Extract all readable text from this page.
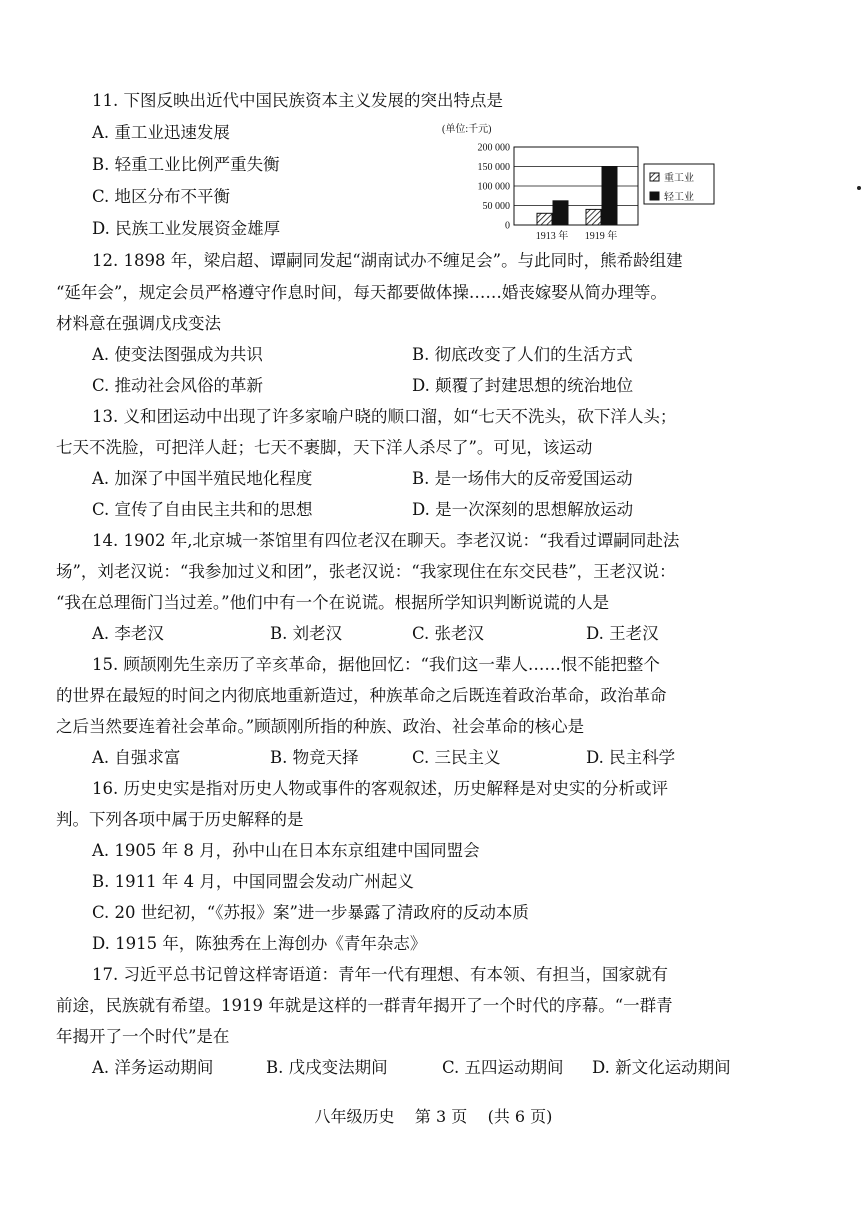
11. 下图反映出近代中国民族资本主义发展的突出特点是
A. 重工业迅速发展
B. 轻重工业比例严重失衡
C. 地区分布不平衡
D. 民族工业发展资金雄厚
(单位:千元)
0
50 000
100 000
150 000
200 000
1913 年 1919 年
重工业
轻工业
12. 1898 年，梁启超、谭嗣同发起“湖南试办不缠足会”。与此同时，熊希龄组建
“延年会”，规定会员严格遵守作息时间，每天都要做体操……婚丧嫁娶从简办理等。
材料意在强调戊戌变法
A. 使变法图强成为共识	B. 彻底改变了人们的生活方式
C. 推动社会风俗的革新	D. 颠覆了封建思想的统治地位
13. 义和团运动中出现了许多家喻户晓的顺口溜，如“七天不洗头，砍下洋人头；
七天不洗脸，可把洋人赶；七天不裹脚，天下洋人杀尽了”。可见，该运动
A. 加深了中国半殖民地化程度	B. 是一场伟大的反帝爱国运动
C. 宣传了自由民主共和的思想	D. 是一次深刻的思想解放运动
14. 1902 年,北京城一茶馆里有四位老汉在聊天。李老汉说：“我看过谭嗣同赴法
场”，刘老汉说：“我参加过义和团”，张老汉说：“我家现住在东交民巷”，王老汉说：
“我在总理衙门当过差。”他们中有一个在说谎。根据所学知识判断说谎的人是
A. 李老汉	B. 刘老汉	C. 张老汉	D. 王老汉
15. 顾颉刚先生亲历了辛亥革命，据他回忆：“我们这一辈人……恨不能把整个
的世界在最短的时间之内彻底地重新造过，种族革命之后既连着政治革命，政治革命
之后当然要连着社会革命。”顾颉刚所指的种族、政治、社会革命的核心是
A. 自强求富	B. 物竞天择	C. 三民主义	D. 民主科学
16. 历史史实是指对历史人物或事件的客观叙述，历史解释是对史实的分析或评
判。下列各项中属于历史解释的是
A. 1905 年 8 月，孙中山在日本东京组建中国同盟会
B. 1911 年 4 月，中国同盟会发动广州起义
C. 20 世纪初，“《苏报》案”进一步暴露了清政府的反动本质
D. 1915 年，陈独秀在上海创办《青年杂志》
17. 习近平总书记曾这样寄语道：青年一代有理想、有本领、有担当，国家就有
前途，民族就有希望。1919 年就是这样的一群青年揭开了一个时代的序幕。“一群青
年揭开了一个时代”是在
A. 洋务运动期间	B. 戊戌变法期间	C. 五四运动期间 D. 新文化运动期间
八年级历史    第 3 页    (共 6 页)
